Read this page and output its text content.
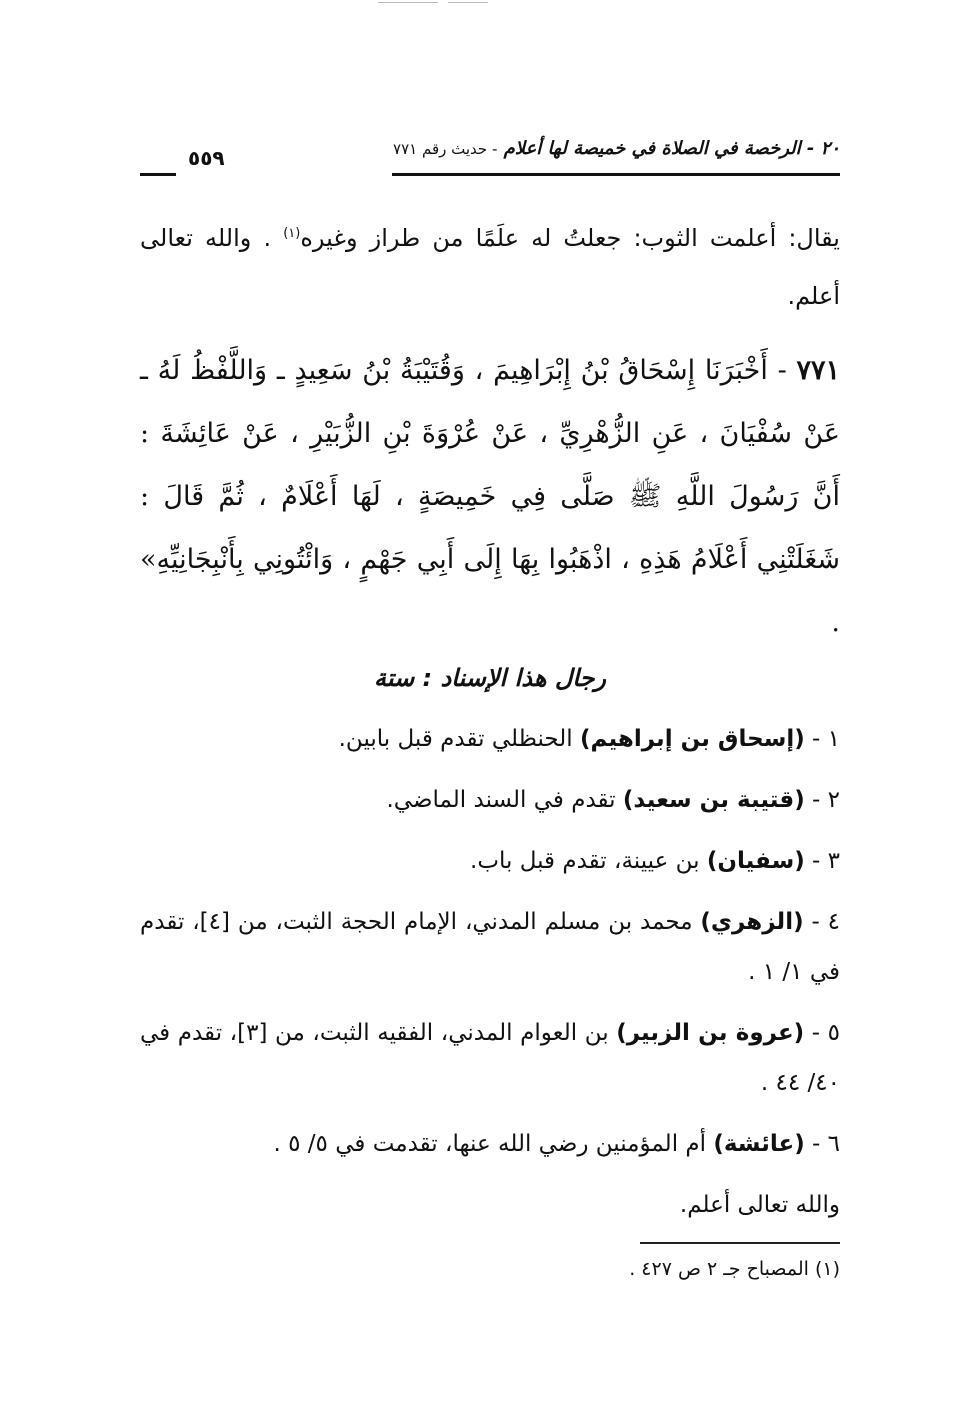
٢٠ - الرخصة في الصلاة في خميصة لها أعلام - حديث رقم ٧٧١
٥٥٩

يقال: أعلمت الثوب: جعلتُ له علَمًا من طراز وغيره$^{(١)}$ . والله تعالى أعلم.

٧٧١ - أَخْبَرَنَا إِسْحَاقُ بْنُ إِبْرَاهِيمَ ، وَقُتَيْبَةُ بْنُ سَعِيدٍ ـ وَاللَّفْظُ لَهُ ـ عَنْ سُفْيَانَ ، عَنِ الزُّهْرِيِّ ، عَنْ عُرْوَةَ بْنِ الزُّبَيْرِ ، عَنْ عَائِشَةَ : أَنَّ رَسُولَ اللَّهِ ﷺ صَلَّى فِي خَمِيصَةٍ ، لَهَا أَعْلَامٌ ، ثُمَّ قَالَ : شَغَلَتْنِي أَعْلَامُ هَذِهِ ، اذْهَبُوا بِهَا إِلَى أَبِي جَهْمٍ ، وَائْتُونِي بِأَنْبِجَانِيِّهِ» .

رجال هذا الإسناد : ستة

١ - (إسحاق بن إبراهيم) الحنظلي تقدم قبل بابين.

٢ - (قتيبة بن سعيد) تقدم في السند الماضي.

٣ - (سفيان) بن عيينة، تقدم قبل باب.

٤ - (الزهري) محمد بن مسلم المدني، الإمام الحجة الثبت، من [٤]، تقدم في ١/ ١ .

٥ - (عروة بن الزبير) بن العوام المدني، الفقيه الثبت، من [٣]، تقدم في ٤٠/ ٤٤ .

٦ - (عائشة) أم المؤمنين رضي الله عنها، تقدمت في ٥/ ٥ .

والله تعالى أعلم.

(١) المصباح جـ ٢ ص ٤٢٧ .
